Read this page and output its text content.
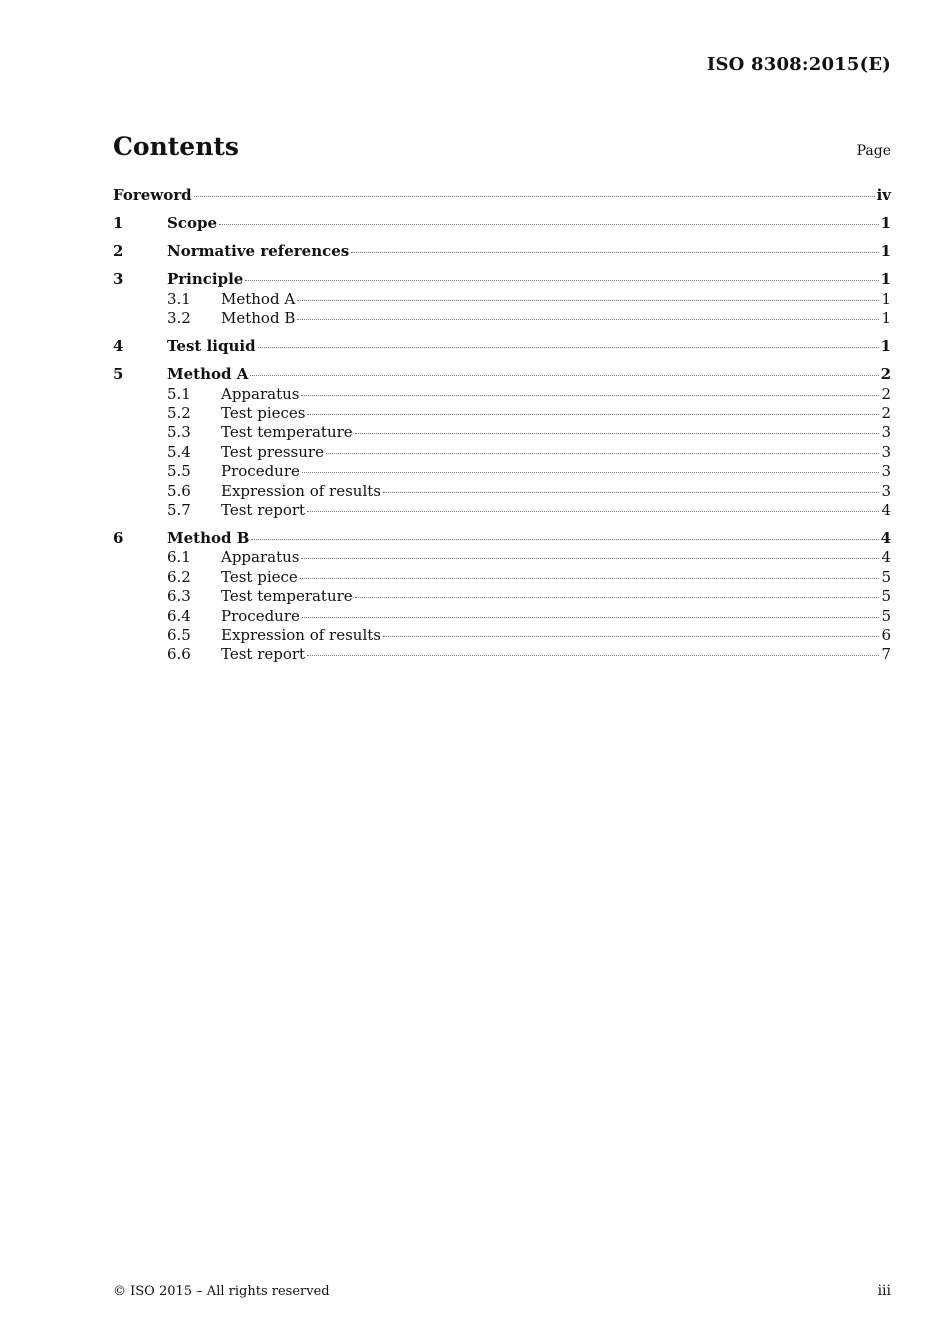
ISO 8308:2015(E)
Contents	Page
Foreword	iv
1	Scope	1
2	Normative references	1
3	Principle	1
3.1	Method A	1
3.2	Method B	1
4	Test liquid	1
5	Method A	2
5.1	Apparatus	2
5.2	Test pieces	2
5.3	Test temperature	3
5.4	Test pressure	3
5.5	Procedure	3
5.6	Expression of results	3
5.7	Test report	4
6	Method B	4
6.1	Apparatus	4
6.2	Test piece	5
6.3	Test temperature	5
6.4	Procedure	5
6.5	Expression of results	6
6.6	Test report	7
© ISO 2015 – All rights reserved	iii
